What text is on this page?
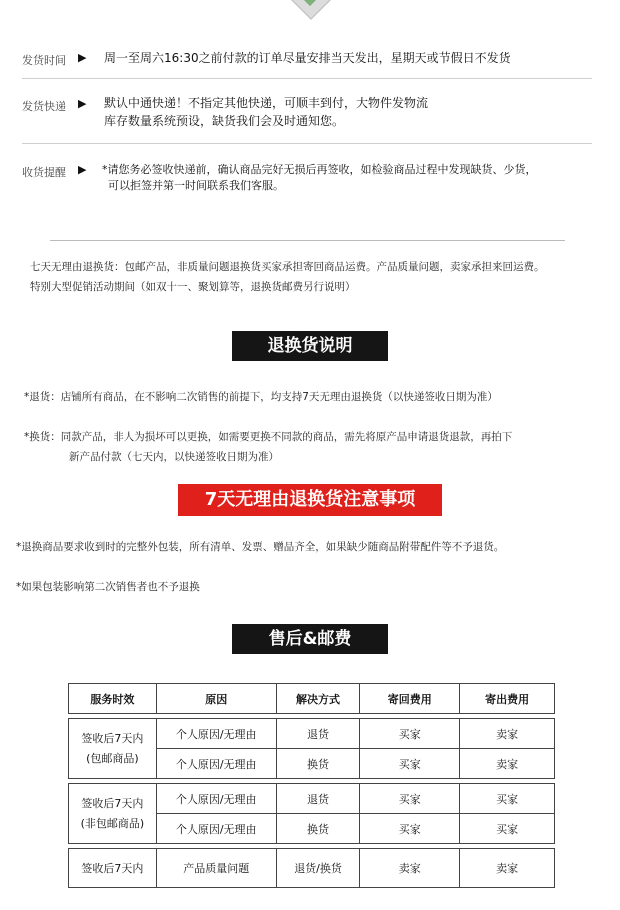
发货时间 ▶ 周一至周六16:30之前付款的订单尽量安排当天发出，星期天或节假日不发货
发货快递 ▶ 默认中通快递！不指定其他快递，可顺丰到付，大物件发物流
库存数量系统预设，缺货我们会及时通知您。
收货提醒 ▶ *请您务必签收快递前，确认商品完好无损后再签收，如检验商品过程中发现缺货、少货，
可以拒签并第一时间联系我们客服。
七天无理由退换货：包邮产品，非质量问题退换货买家承担寄回商品运费。产品质量问题，卖家承担来回运费。
特别大型促销活动期间（如双十一、聚划算等，退换货邮费另行说明）
退换货说明
*退货：店铺所有商品，在不影响二次销售的前提下，均支持7天无理由退换货（以快递签收日期为准）
*换货：同款产品，非人为损坏可以更换，如需要更换不同款的商品，需先将原产品申请退货退款，再拍下
新产品付款（七天内，以快递签收日期为准）
7天无理由退换货注意事项
*退换商品要求收到时的完整外包装，所有清单、发票、赠品齐全，如果缺少随商品附带配件等不予退货。
*如果包装影响第二次销售者也不予退换
售后&邮费
服务时效	原因	解决方式	寄回费用	寄出费用

签收后7天内
(包邮商品)	个人原因/无理由	退货	买家	卖家
	个人原因/无理由	换货	买家	卖家

签收后7天内
(非包邮商品)	个人原因/无理由	退货	买家	买家
	个人原因/无理由	换货	买家	买家

签收后7天内	产品质量问题	退货/换货	卖家	卖家
